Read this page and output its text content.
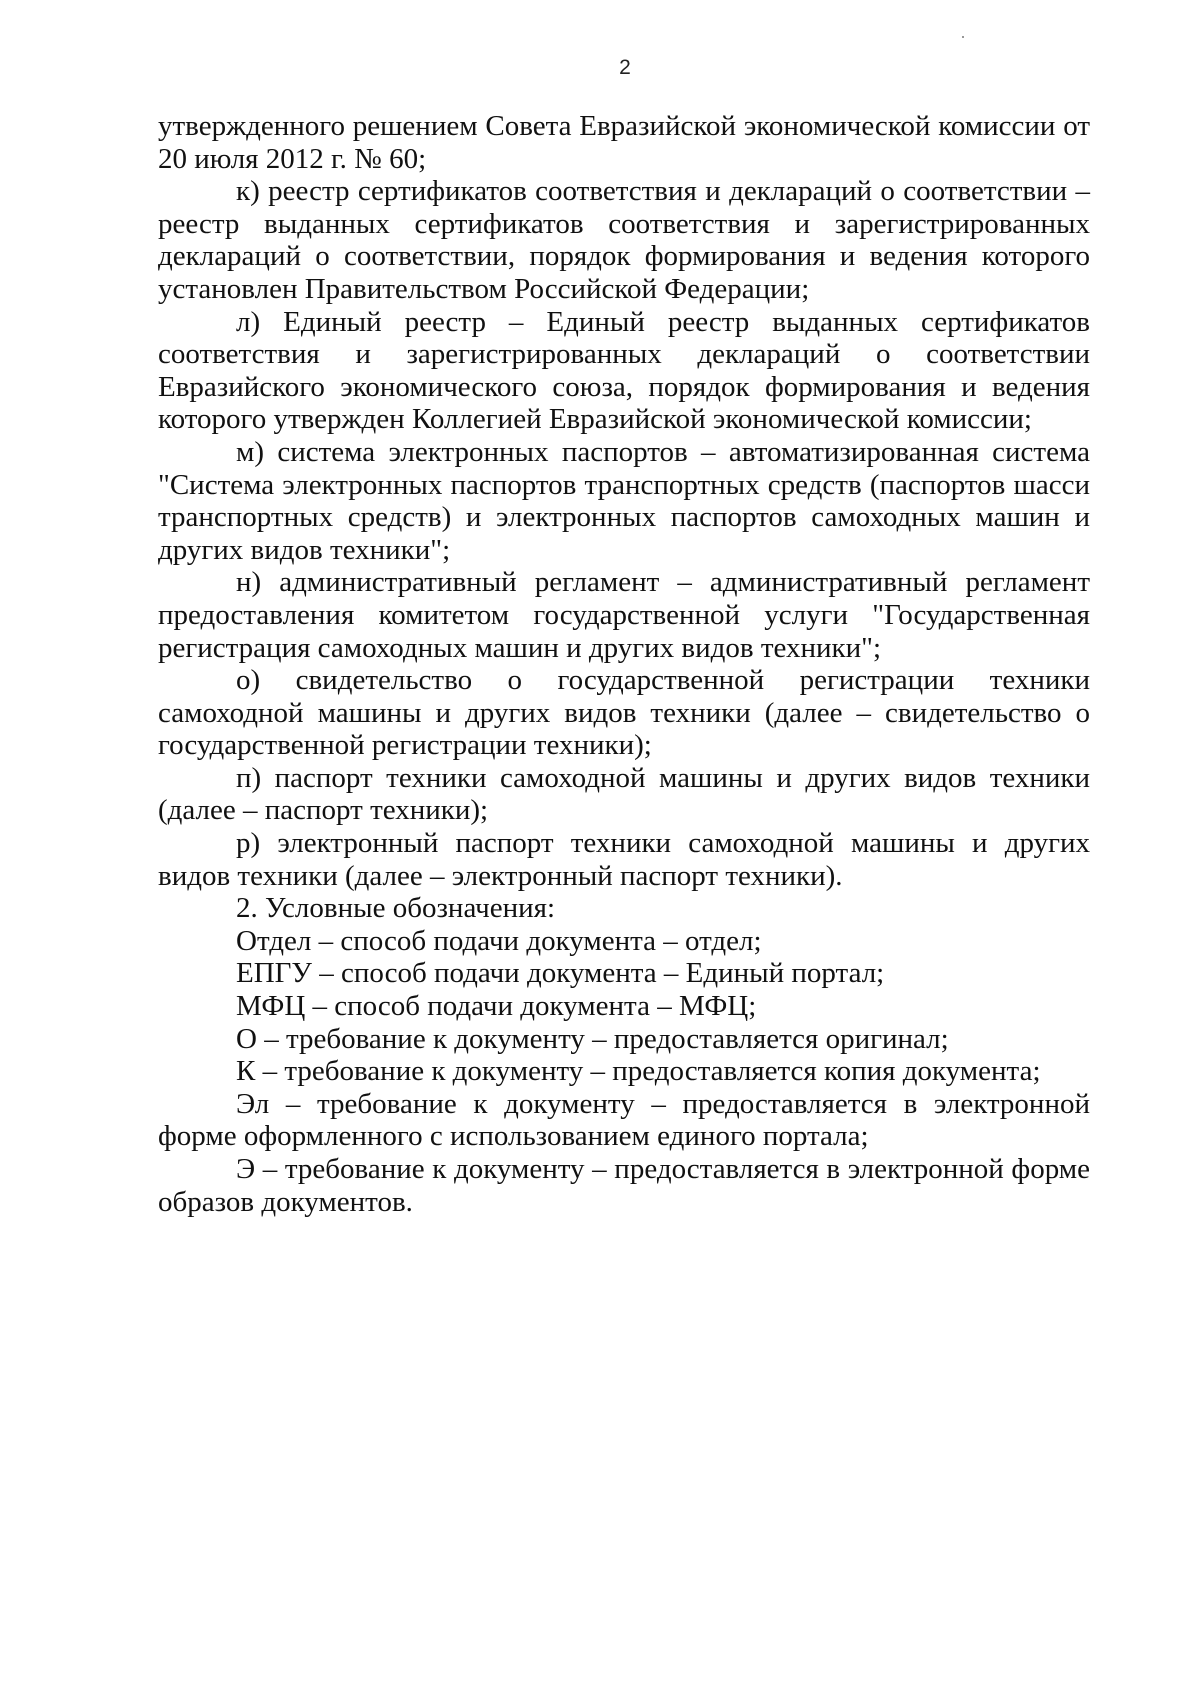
2

утвержденного решением Совета Евразийской экономической комиссии от 20 июля 2012 г. № 60;

к) реестр сертификатов соответствия и деклараций о соответствии – реестр выданных сертификатов соответствия и зарегистрированных деклараций о соответствии, порядок формирования и ведения которого установлен Правительством Российской Федерации;

л) Единый реестр – Единый реестр выданных сертификатов соответствия и зарегистрированных деклараций о соответствии Евразийского экономического союза, порядок формирования и ведения которого утвержден Коллегией Евразийской экономической комиссии;

м) система электронных паспортов – автоматизированная система "Система электронных паспортов транспортных средств (паспортов шасси транспортных средств) и электронных паспортов самоходных машин и других видов техники";

н) административный регламент – административный регламент предоставления комитетом государственной услуги "Государственная регистрация самоходных машин и других видов техники";

о) свидетельство о государственной регистрации техники самоходной машины и других видов техники (далее – свидетельство о государственной регистрации техники);

п) паспорт техники самоходной машины и других видов техники (далее – паспорт техники);

р) электронный паспорт техники самоходной машины и других видов техники (далее – электронный паспорт техники).

2. Условные обозначения:

Отдел – способ подачи документа – отдел;

ЕПГУ – способ подачи документа – Единый портал;

МФЦ – способ подачи документа – МФЦ;

О – требование к документу – предоставляется оригинал;

К – требование к документу – предоставляется копия документа;

Эл – требование к документу – предоставляется в электронной форме оформленного с использованием единого портала;

Э – требование к документу – предоставляется в электронной форме образов документов.
